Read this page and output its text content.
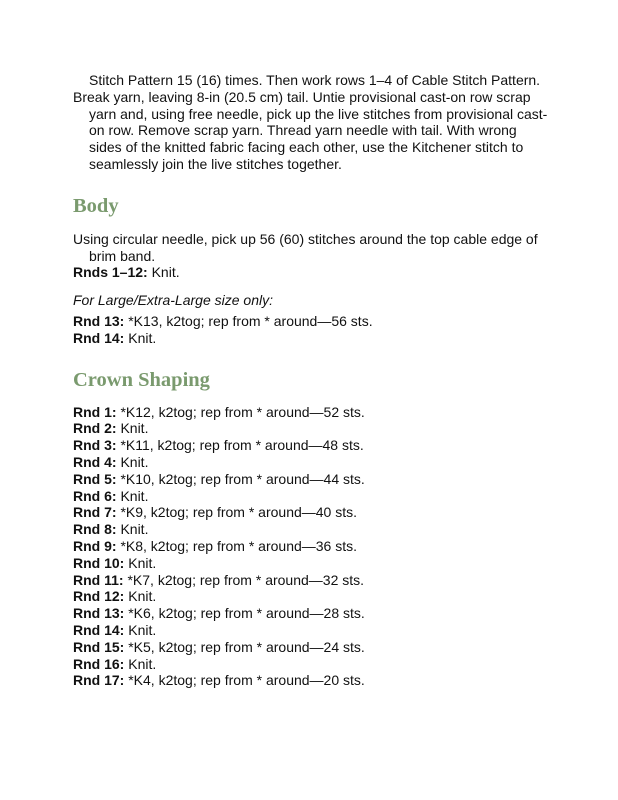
Stitch Pattern 15 (16) times. Then work rows 1–4 of Cable Stitch Pattern.

Break yarn, leaving 8-in (20.5 cm) tail. Untie provisional cast-on row scrap yarn and, using free needle, pick up the live stitches from provisional cast-on row. Remove scrap yarn. Thread yarn needle with tail. With wrong sides of the knitted fabric facing each other, use the Kitchener stitch to seamlessly join the live stitches together.

Body

Using circular needle, pick up 56 (60) stitches around the top cable edge of brim band.

Rnds 1–12: Knit.

For Large/Extra-Large size only:

Rnd 13: *K13, k2tog; rep from * around—56 sts.

Rnd 14: Knit.

Crown Shaping

Rnd 1: *K12, k2tog; rep from * around—52 sts.

Rnd 2: Knit.

Rnd 3: *K11, k2tog; rep from * around—48 sts.

Rnd 4: Knit.

Rnd 5: *K10, k2tog; rep from * around—44 sts.

Rnd 6: Knit.

Rnd 7: *K9, k2tog; rep from * around—40 sts.

Rnd 8: Knit.

Rnd 9: *K8, k2tog; rep from * around—36 sts.

Rnd 10: Knit.

Rnd 11: *K7, k2tog; rep from * around—32 sts.

Rnd 12: Knit.

Rnd 13: *K6, k2tog; rep from * around—28 sts.

Rnd 14: Knit.

Rnd 15: *K5, k2tog; rep from * around—24 sts.

Rnd 16: Knit.

Rnd 17: *K4, k2tog; rep from * around—20 sts.
